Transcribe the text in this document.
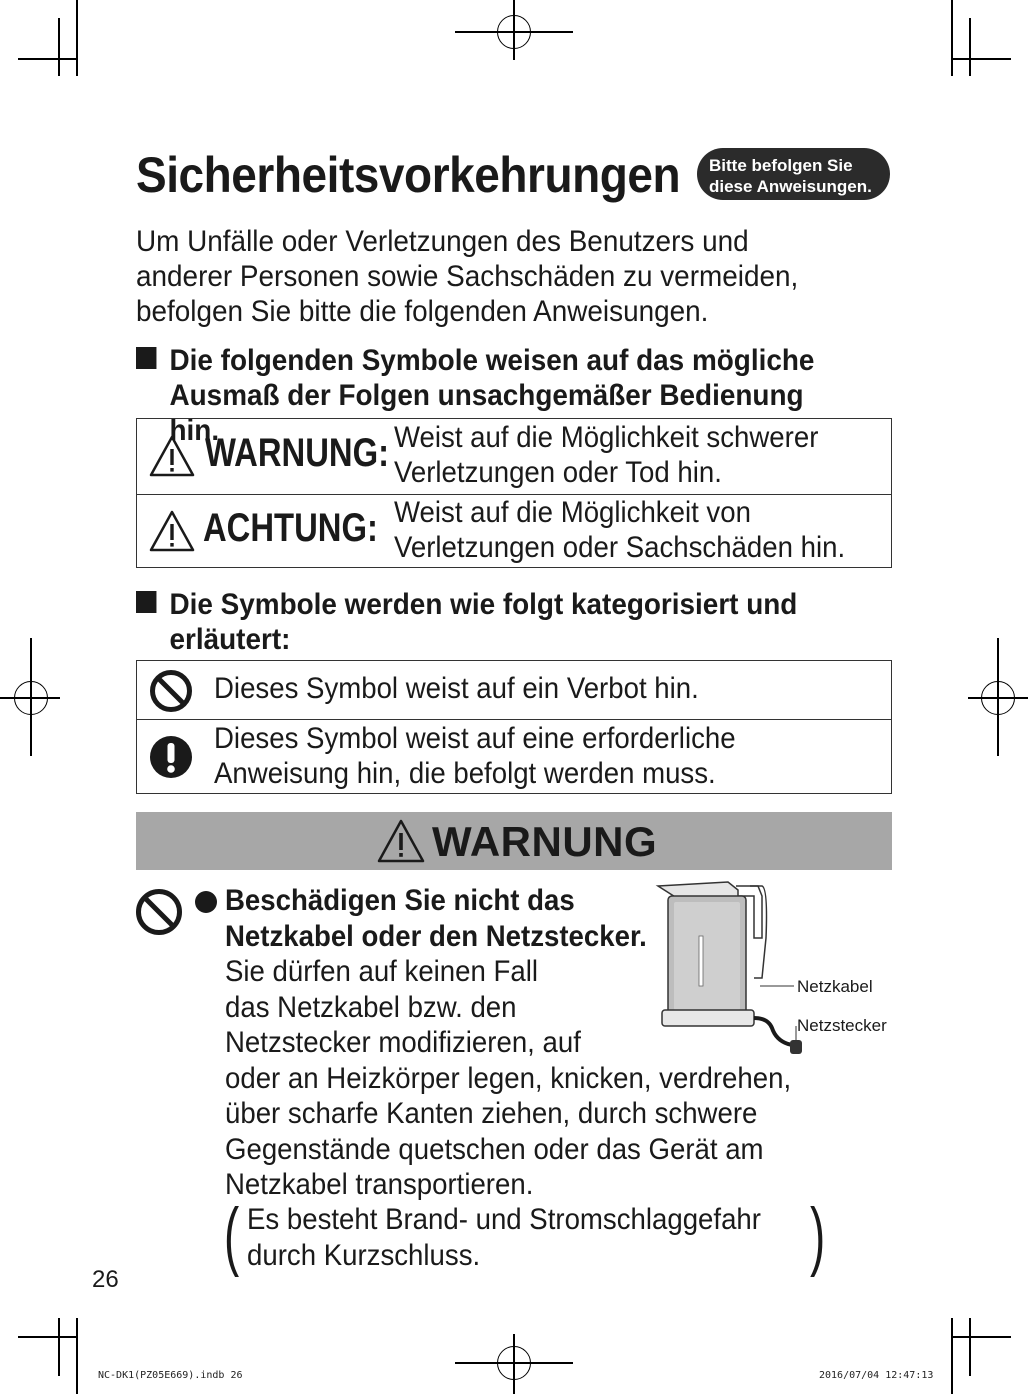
Sicherheitsvorkehrungen Bitte befolgen Sie
diese Anweisungen.
Um Unfälle oder Verletzungen des Benutzers und
anderer Personen sowie Sachschäden zu vermeiden,
befolgen Sie bitte die folgenden Anweisungen.
Die folgenden Symbole weisen auf das mögliche
Ausmaß der Folgen unsachgemäßer Bedienung hin.
WARNUNG: Weist auf die Möglichkeit schwerer
Verletzungen oder Tod hin.
ACHTUNG: Weist auf die Möglichkeit von
Verletzungen oder Sachschäden hin.
Die Symbole werden wie folgt kategorisiert und
erläutert:
Dieses Symbol weist auf ein Verbot hin.
Dieses Symbol weist auf eine erforderliche
Anweisung hin, die befolgt werden muss.
WARNUNG
Beschädigen Sie nicht das
Netzkabel oder den Netzstecker.
Sie dürfen auf keinen Fall
das Netzkabel bzw. den
Netzstecker modifizieren, auf
oder an Heizkörper legen, knicken, verdrehen,
über scharfe Kanten ziehen, durch schwere
Gegenstände quetschen oder das Gerät am
Netzkabel transportieren.
( Es besteht Brand- und Stromschlaggefahr
durch Kurzschluss.	)
Netzkabel
Netzstecker
26
NC-DK1(PZ05E669).indb 26	2016/07/04 12:47:13
